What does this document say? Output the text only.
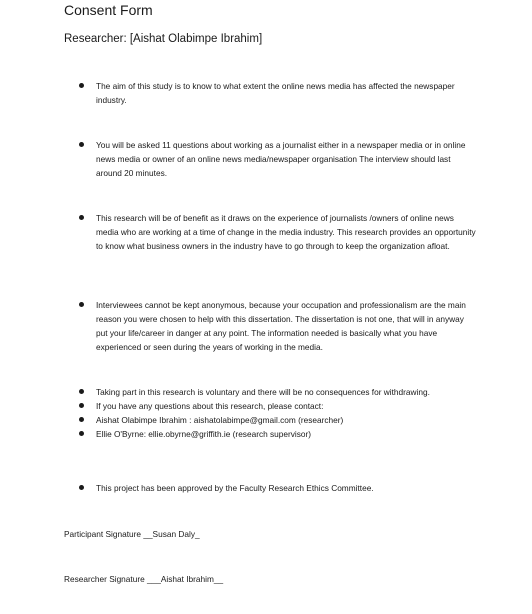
Consent Form
Researcher: [Aishat Olabimpe Ibrahim]
The aim of this study is to know to what extent the online news media has affected the newspaper industry.
You will be asked 11 questions about working as a journalist either in a newspaper media or in online news media or owner of an online news media/newspaper organisation The interview should last around 20 minutes.
This research will be of benefit as it draws on the experience of journalists /owners of online news media who are working at a time of change in the media industry. This research provides an opportunity to know what business owners in the industry have to go through to keep the organization afloat.
Interviewees cannot be kept anonymous, because your occupation and professionalism are the main reason you were chosen to help with this dissertation. The dissertation is not one, that will in anyway put your life/career in danger at any point. The information needed is basically what you have experienced or seen during the years of working in the media.
Taking part in this research is voluntary and there will be no consequences for withdrawing.
If you have any questions about this research, please contact:
Aishat Olabimpe Ibrahim : aishatolabimpe@gmail.com (researcher)
Ellie O'Byrne: ellie.obyrne@griffith.ie (research supervisor)
This project has been approved by the Faculty Research Ethics Committee.
Participant Signature __Susan Daly_
Researcher Signature ___Aishat Ibrahim__
